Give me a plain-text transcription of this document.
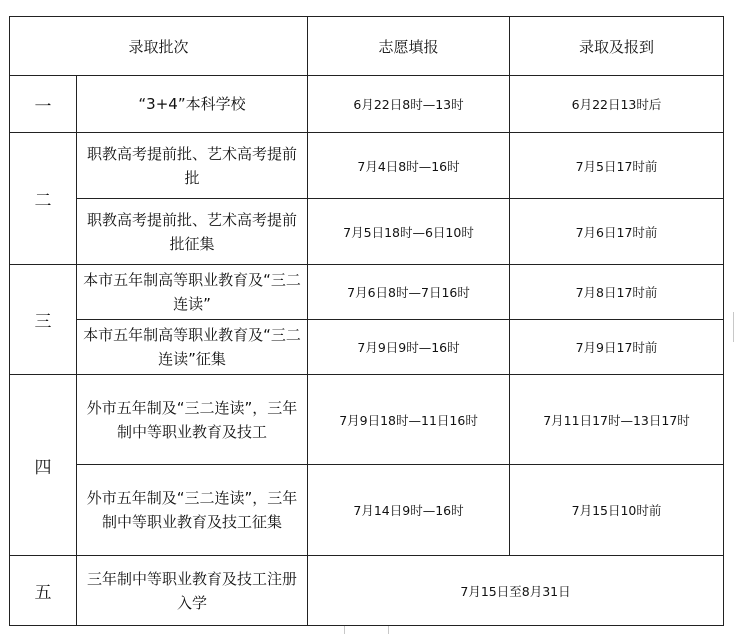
录取批次		志愿填报	录取及报到
一	“3+4”本科学校	6月22日8时—13时	6月22日13时后
二	职教高考提前批、艺术高考提前批	7月4日8时—16时	7月5日17时前
	职教高考提前批、艺术高考提前批征集	7月5日18时—6日10时	7月6日17时前
三	本市五年制高等职业教育及“三二连读”	7月6日8时—7日16时	7月8日17时前
	本市五年制高等职业教育及“三二连读”征集	7月9日9时—16时	7月9日17时前
四	外市五年制及“三二连读”，三年制中等职业教育及技工	7月9日18时—11日16时	7月11日17时—13日17时
	外市五年制及“三二连读”，三年制中等职业教育及技工征集	7月14日9时—16时	7月15日10时前
五	三年制中等职业教育及技工注册入学	7月15日至8月31日	
